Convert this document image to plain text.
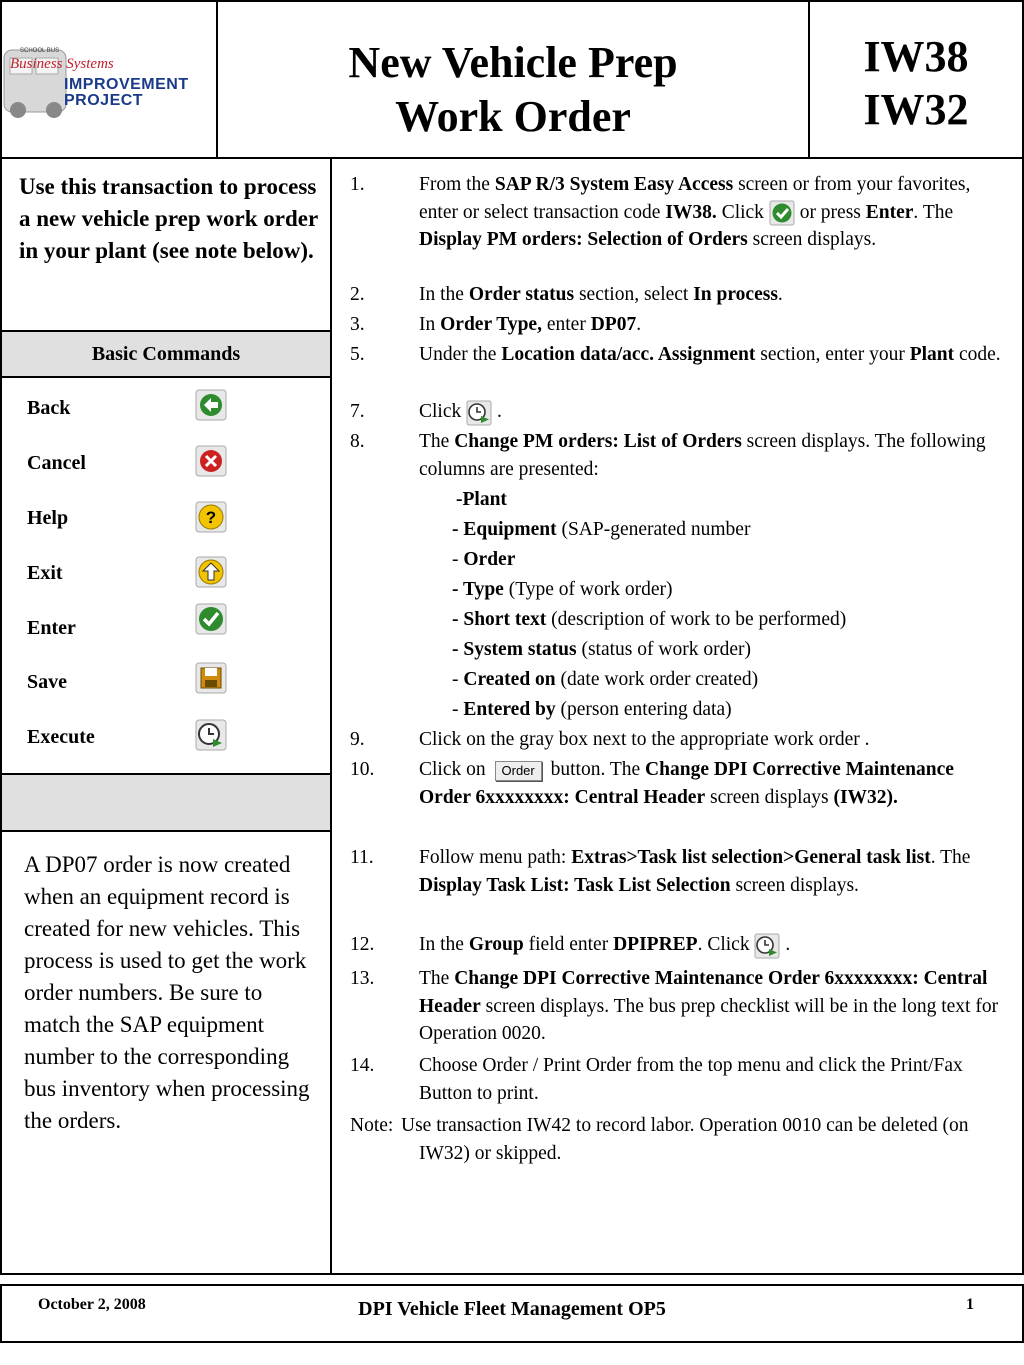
SCHOOL BUS
Business Systems
IMPROVEMENT
PROJECT
New Vehicle Prep
Work Order
IW38
IW32
Use this transaction to process a new vehicle prep work order in your plant (see note below).
Basic Commands
Back
Cancel
Help	?
Exit
Enter
Save
Execute
A DP07 order is now created when an equipment record is created for new vehicles. This process is used to get the work order numbers. Be sure to match the SAP equipment number to the corresponding bus inventory when processing the orders.
1.	From the SAP R/3 System Easy Access screen or from your favorites, enter or select transaction code IW38. Click  or press Enter. The Display PM orders: Selection of Orders screen displays.
2.	In the Order status section, select In process.
3.	In Order Type, enter DP07.
5.	Under the Location data/acc. Assignment section, enter your Plant code.
7.	Click  .
8.	The Change PM orders: List of Orders screen displays. The following columns are presented:
-Plant
- Equipment (SAP-generated number
- Order
- Type (Type of work order)
- Short text (description of work to be performed)
- System status (status of work order)
- Created on (date work order created)
- Entered by (person entering data)
9.	Click on the gray box next to the appropriate work order .
10. Click on Order button. The Change DPI Corrective Maintenance Order 6xxxxxxxx: Central Header screen displays (IW32).
11. Follow menu path: Extras>Task list selection>General task list. The Display Task List: Task List Selection screen displays.
12. In the Group field enter DPIPREP. Click  .
13. The Change DPI Corrective Maintenance Order 6xxxxxxxx: Central Header screen displays. The bus prep checklist will be in the long text for Operation 0020.
14. Choose Order / Print Order from the top menu and click the Print/Fax Button to print.
Note: Use transaction IW42 to record labor. Operation 0010 can be deleted (on IW32) or skipped.
October 2, 2008	DPI Vehicle Fleet Management OP5	1
